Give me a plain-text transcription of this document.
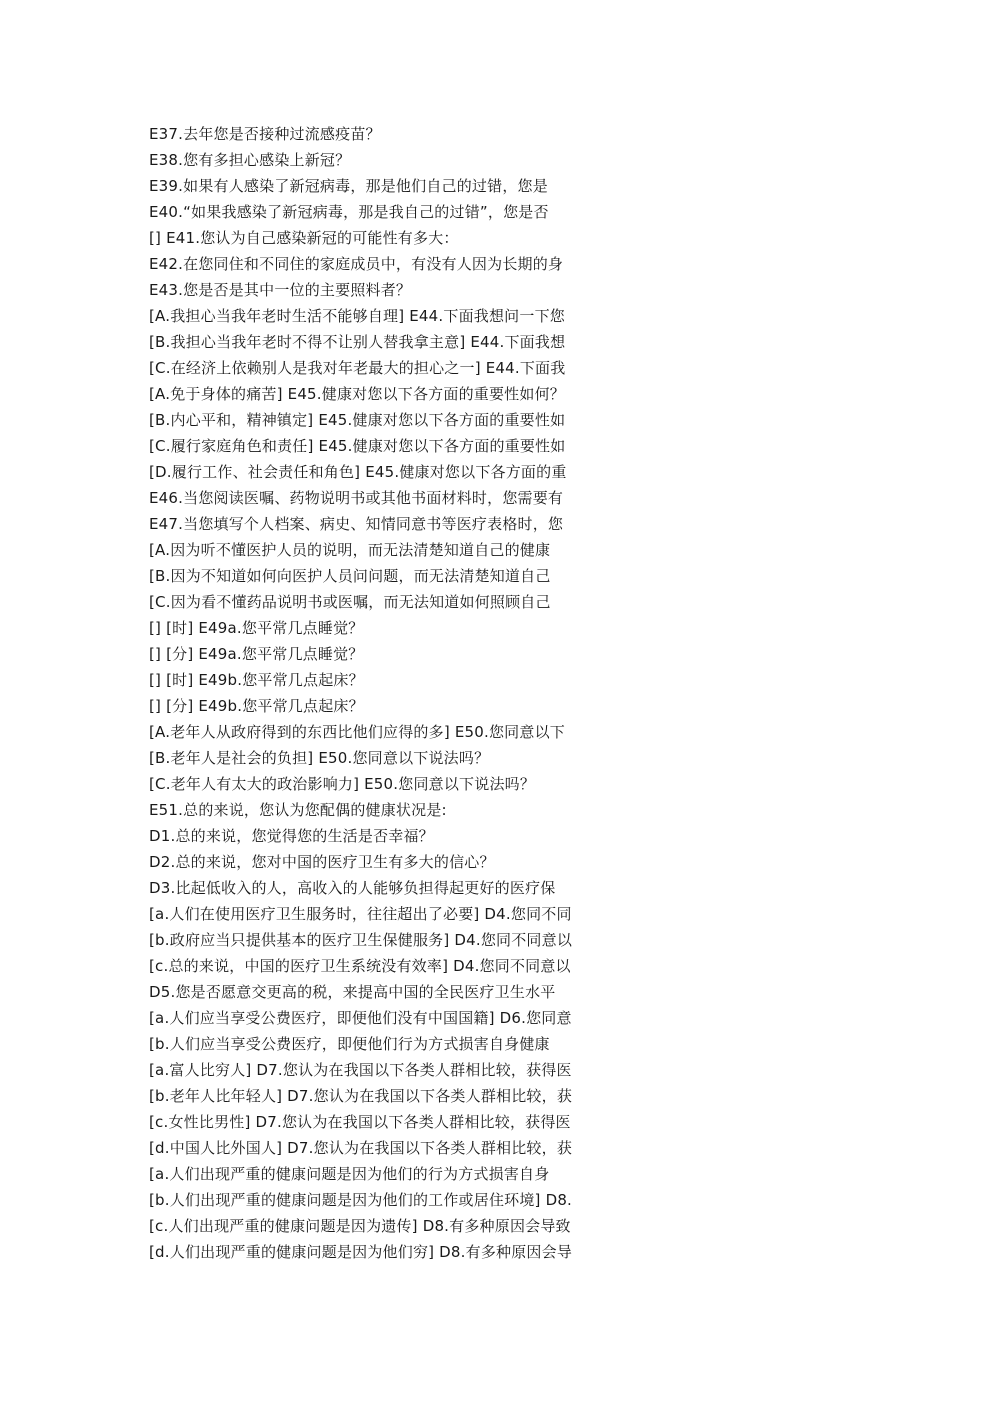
E37.去年您是否接种过流感疫苗？
E38.您有多担心感染上新冠？
E39.如果有人感染了新冠病毒，那是他们自己的过错，您是
E40.“如果我感染了新冠病毒，那是我自己的过错”，您是否
[] E41.您认为自己感染新冠的可能性有多大：
E42.在您同住和不同住的家庭成员中，有没有人因为长期的身
E43.您是否是其中一位的主要照料者？
[A.我担心当我年老时生活不能够自理] E44.下面我想问一下您
[B.我担心当我年老时不得不让别人替我拿主意] E44.下面我想
[C.在经济上依赖别人是我对年老最大的担心之一] E44.下面我
[A.免于身体的痛苦] E45.健康对您以下各方面的重要性如何？
[B.内心平和，精神镇定] E45.健康对您以下各方面的重要性如
[C.履行家庭角色和责任] E45.健康对您以下各方面的重要性如
[D.履行工作、社会责任和角色] E45.健康对您以下各方面的重
E46.当您阅读医嘱、药物说明书或其他书面材料时，您需要有
E47.当您填写个人档案、病史、知情同意书等医疗表格时，您
[A.因为听不懂医护人员的说明，而无法清楚知道自己的健康
[B.因为不知道如何向医护人员问问题，而无法清楚知道自己
[C.因为看不懂药品说明书或医嘱，而无法知道如何照顾自己
[] [时] E49a.您平常几点睡觉？
[] [分] E49a.您平常几点睡觉？
[] [时] E49b.您平常几点起床？
[] [分] E49b.您平常几点起床？
[A.老年人从政府得到的东西比他们应得的多] E50.您同意以下
[B.老年人是社会的负担] E50.您同意以下说法吗？
[C.老年人有太大的政治影响力] E50.您同意以下说法吗？
E51.总的来说，您认为您配偶的健康状况是:
D1.总的来说，您觉得您的生活是否幸福？
D2.总的来说，您对中国的医疗卫生有多大的信心？
D3.比起低收入的人，高收入的人能够负担得起更好的医疗保
[a.人们在使用医疗卫生服务时，往往超出了必要] D4.您同不同
[b.政府应当只提供基本的医疗卫生保健服务] D4.您同不同意以
[c.总的来说，中国的医疗卫生系统没有效率] D4.您同不同意以
D5.您是否愿意交更高的税，来提高中国的全民医疗卫生水平
[a.人们应当享受公费医疗，即便他们没有中国国籍] D6.您同意
[b.人们应当享受公费医疗，即便他们行为方式损害自身健康
[a.富人比穷人] D7.您认为在我国以下各类人群相比较，获得医
[b.老年人比年轻人] D7.您认为在我国以下各类人群相比较，获
[c.女性比男性] D7.您认为在我国以下各类人群相比较，获得医
[d.中国人比外国人] D7.您认为在我国以下各类人群相比较，获
[a.人们出现严重的健康问题是因为他们的行为方式损害自身
[b.人们出现严重的健康问题是因为他们的工作或居住环境] D8.
[c.人们出现严重的健康问题是因为遗传] D8.有多种原因会导致
[d.人们出现严重的健康问题是因为他们穷] D8.有多种原因会导
